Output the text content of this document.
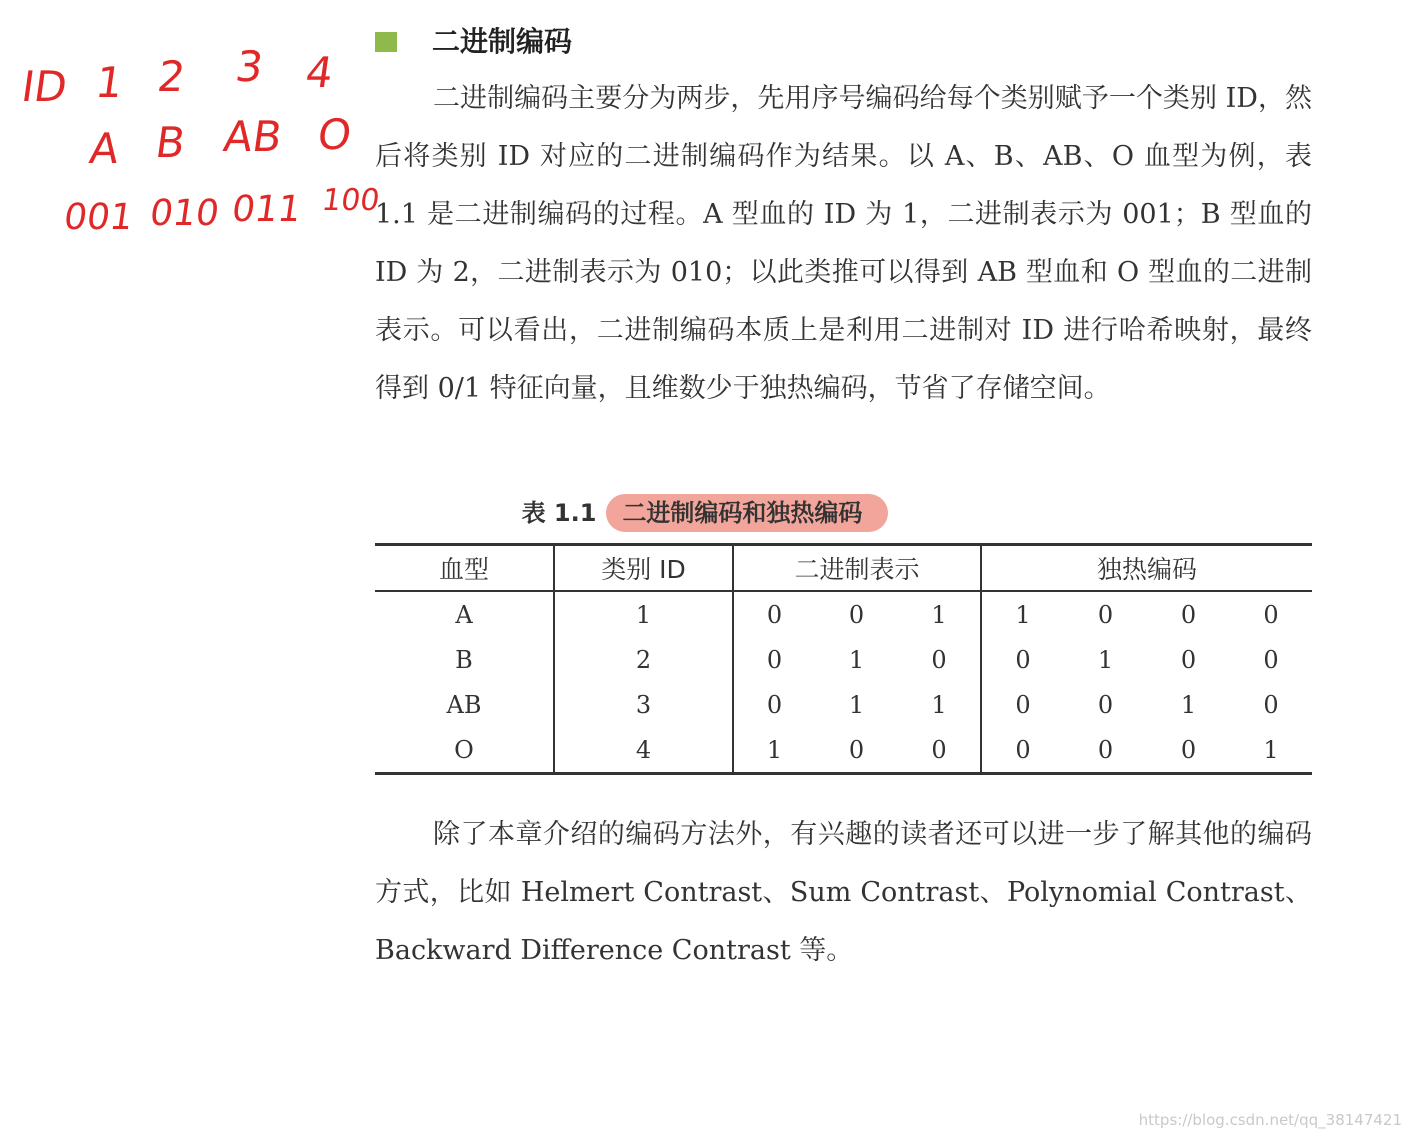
ID 1 2 3 4
A B AB O
001 010 011 100
二进制编码

二进制编码主要分为两步，先用序号编码给每个类别赋予一个类别 ID，然后将类别 ID 对应的二进制编码作为结果。以 A、B、AB、O 血型为例，表 1.1 是二进制编码的过程。A 型血的 ID 为 1，二进制表示为 001；B 型血的 ID 为 2，二进制表示为 010；以此类推可以得到 AB 型血和 O 型血的二进制表示。可以看出，二进制编码本质上是利用二进制对 ID 进行哈希映射，最终得到 0/1 特征向量，且维数少于独热编码，节省了存储空间。

表 1.1 二进制编码和独热编码
血型	类别 ID	二进制表示			独热编码			
A	1	0	0	1	1	0	0	0
B	2	0	1	0	0	1	0	0
AB	3	0	1	1	0	0	1	0
O	4	1	0	0	0	0	0	1

除了本章介绍的编码方法外，有兴趣的读者还可以进一步了解其他的编码方式，比如 Helmert Contrast、Sum Contrast、Polynomial Contrast、Backward Difference Contrast 等。

https://blog.csdn.net/qq_38147421
